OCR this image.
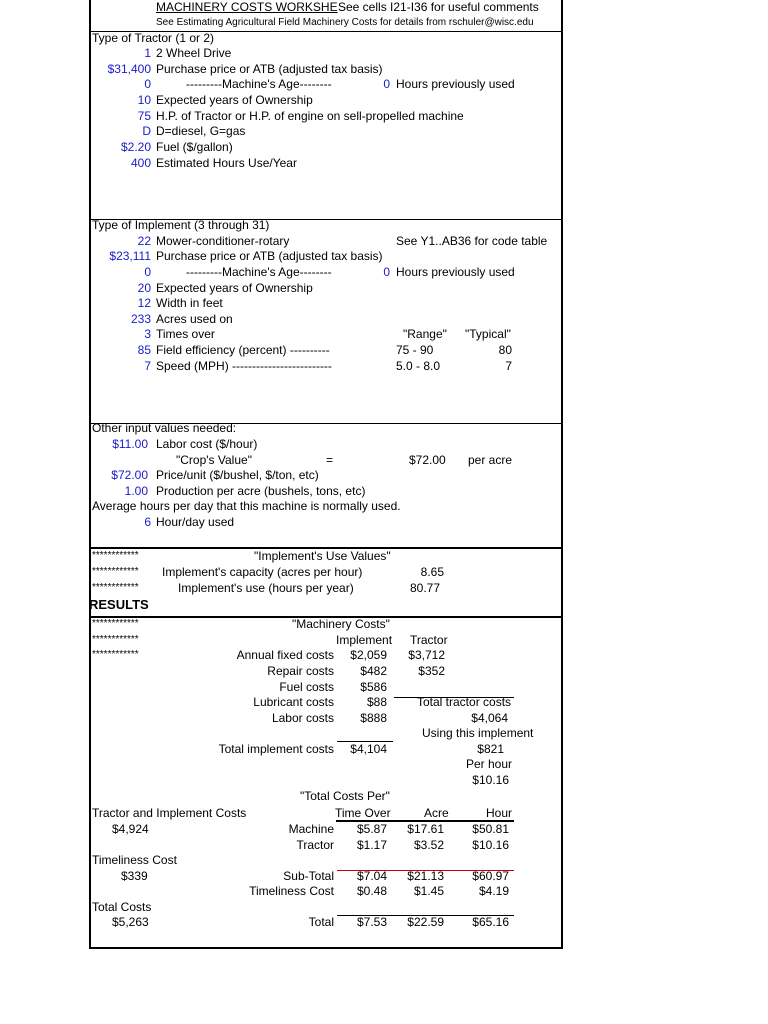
MACHINERY COSTS WORKSHE See cells I21-I36 for useful comments
See Estimating Agricultural Field Machinery Costs for details from rschuler@wisc.edu
Type of Tractor (1 or 2)
1 2 Wheel Drive
$31,400 Purchase price or ATB (adjusted tax basis)
0	---------Machine's Age--------	0 Hours previously used
10 Expected years of Ownership
75 H.P. of Tractor or H.P. of engine on sell-propelled machine
D D=diesel, G=gas
$2.20 Fuel ($/gallon)
400 Estimated Hours Use/Year
Type of Implement (3 through 31)
22 Mower-conditioner-rotary	See Y1..AB36 for code table
$23,111 Purchase price or ATB (adjusted tax basis)
0	---------Machine's Age--------	0 Hours previously used
20 Expected years of Ownership
12 Width in feet
233 Acres used on
3 Times over	"Range" "Typical"
85 Field efficiency (percent) ----------	75 - 90	80
7 Speed (MPH) -------------------------	5.0 - 8.0	7
Other input values needed:
$11.00 Labor cost ($/hour)
"Crop's Value"	=	$72.00 per acre
$72.00 Price/unit ($/bushel, $/ton, etc)
1.00 Production per acre (bushels, tons, etc)
Average hours per day that this machine is normally used.
6 Hour/day used
************	"Implement's Use Values"
************ Implement's capacity (acres per hour)	8.65
************	Implement's use (hours per year)	80.77
RESULTS
************	"Machinery Costs"
************	Implement Tractor
************	Annual fixed costs	$2,059	$3,712
Repair costs	$482	$352
Fuel costs	$586
Lubricant costs	$88	Total tractor costs
Labor costs	$888	$4,064
Using this implement
Total implement costs	$4,104	$821
Per hour
$10.16
"Total Costs Per"
Tractor and Implement Costs	Time Over	Acre	Hour
$4,924	Machine	$5.87	$17.61	$50.81
Tractor	$1.17	$3.52	$10.16
Timeliness Cost
$339	Sub-Total	$7.04	$21.13	$60.97
Timeliness Cost	$0.48	$1.45	$4.19
Total Costs
$5,263	Total	$7.53	$22.59	$65.16
